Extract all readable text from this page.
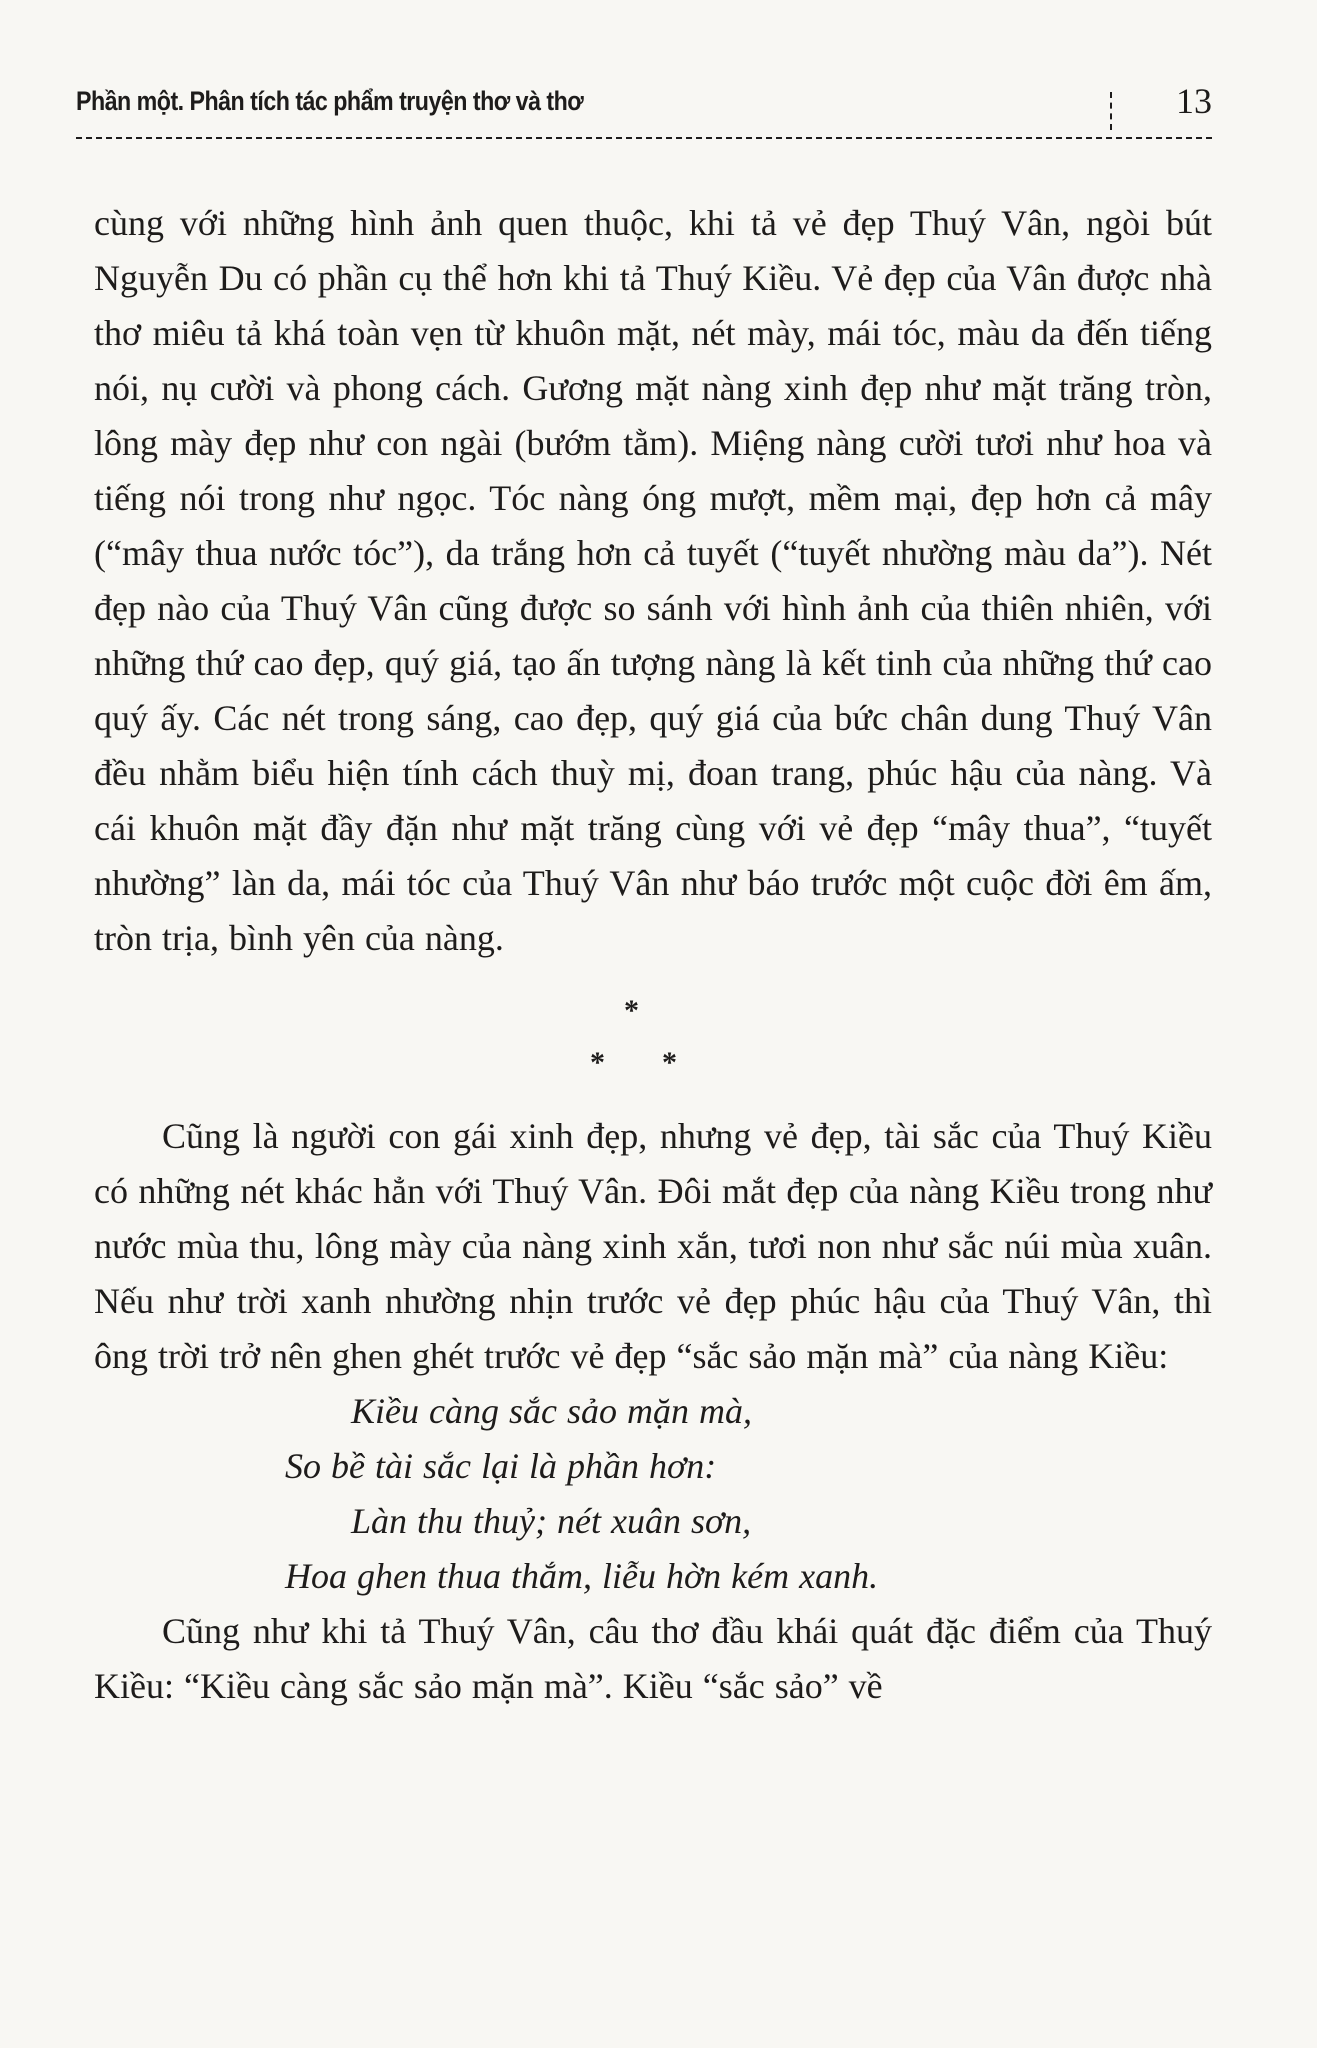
Phần một. Phân tích tác phẩm truyện thơ và thơ	13

cùng với những hình ảnh quen thuộc, khi tả vẻ đẹp Thuý Vân, ngòi bút Nguyễn Du có phần cụ thể hơn khi tả Thuý Kiều. Vẻ đẹp của Vân được nhà thơ miêu tả khá toàn vẹn từ khuôn mặt, nét mày, mái tóc, màu da đến tiếng nói, nụ cười và phong cách. Gương mặt nàng xinh đẹp như mặt trăng tròn, lông mày đẹp như con ngài (bướm tằm). Miệng nàng cười tươi như hoa và tiếng nói trong như ngọc. Tóc nàng óng mượt, mềm mại, đẹp hơn cả mây (“mây thua nước tóc”), da trắng hơn cả tuyết (“tuyết nhường màu da”). Nét đẹp nào của Thuý Vân cũng được so sánh với hình ảnh của thiên nhiên, với những thứ cao đẹp, quý giá, tạo ấn tượng nàng là kết tinh của những thứ cao quý ấy. Các nét trong sáng, cao đẹp, quý giá của bức chân dung Thuý Vân đều nhằm biểu hiện tính cách thuỳ mị, đoan trang, phúc hậu của nàng. Và cái khuôn mặt đầy đặn như mặt trăng cùng với vẻ đẹp “mây thua”, “tuyết nhường” làn da, mái tóc của Thuý Vân như báo trước một cuộc đời êm ấm, tròn trịa, bình yên của nàng.

*
* *

Cũng là người con gái xinh đẹp, nhưng vẻ đẹp, tài sắc của Thuý Kiều có những nét khác hẳn với Thuý Vân. Đôi mắt đẹp của nàng Kiều trong như nước mùa thu, lông mày của nàng xinh xắn, tươi non như sắc núi mùa xuân. Nếu như trời xanh nhường nhịn trước vẻ đẹp phúc hậu của Thuý Vân, thì ông trời trở nên ghen ghét trước vẻ đẹp “sắc sảo mặn mà” của nàng Kiều:

Kiều càng sắc sảo mặn mà,
So bề tài sắc lại là phần hơn:
Làn thu thuỷ; nét xuân sơn,
Hoa ghen thua thắm, liễu hờn kém xanh.

Cũng như khi tả Thuý Vân, câu thơ đầu khái quát đặc điểm của Thuý Kiều: “Kiều càng sắc sảo mặn mà”. Kiều “sắc sảo” về
